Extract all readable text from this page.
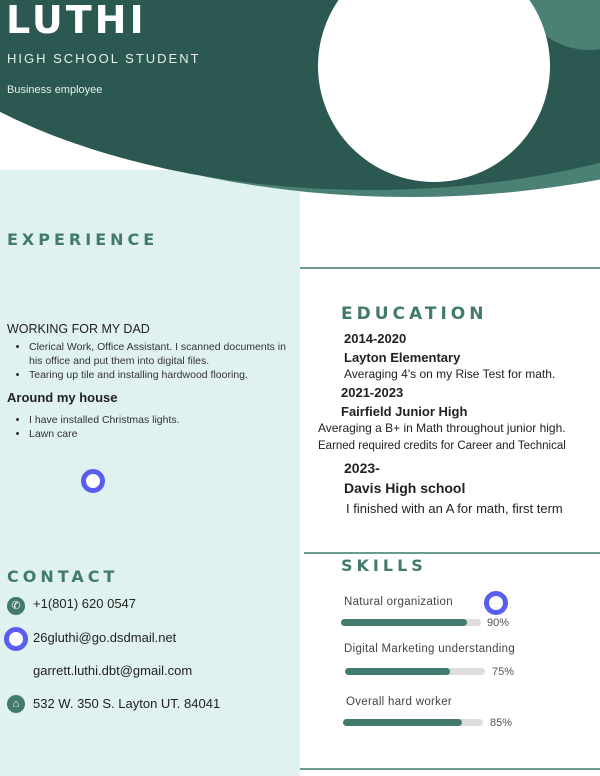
LUTHI
HIGH SCHOOL STUDENT
Business employee
EXPERIENCE
WORKING FOR MY DAD
• Clerical Work, Office Assistant. I scanned documents in his office and put them into digital files.
• Tearing up tile and installing hardwood flooring.
Around my house
• I have installed Christmas lights.
• Lawn care
EDUCATION
2014-2020
Layton Elementary
Averaging 4's on my Rise Test for math.
2021-2023
Fairfield Junior High
Averaging a B+ in Math throughout junior high.
Earned required credits for Career and Technical
2023-
Davis High school
I finished with an A for math, first term
CONTACT
✆ +1(801) 620 0547
26gluthi@go.dsdmail.net
garrett.luthi.dbt@gmail.com
⌂	532 W. 350 S. Layton UT. 84041
SKILLS
Natural organization
90%
Digital Marketing understanding
75%
Overall hard worker
85%
